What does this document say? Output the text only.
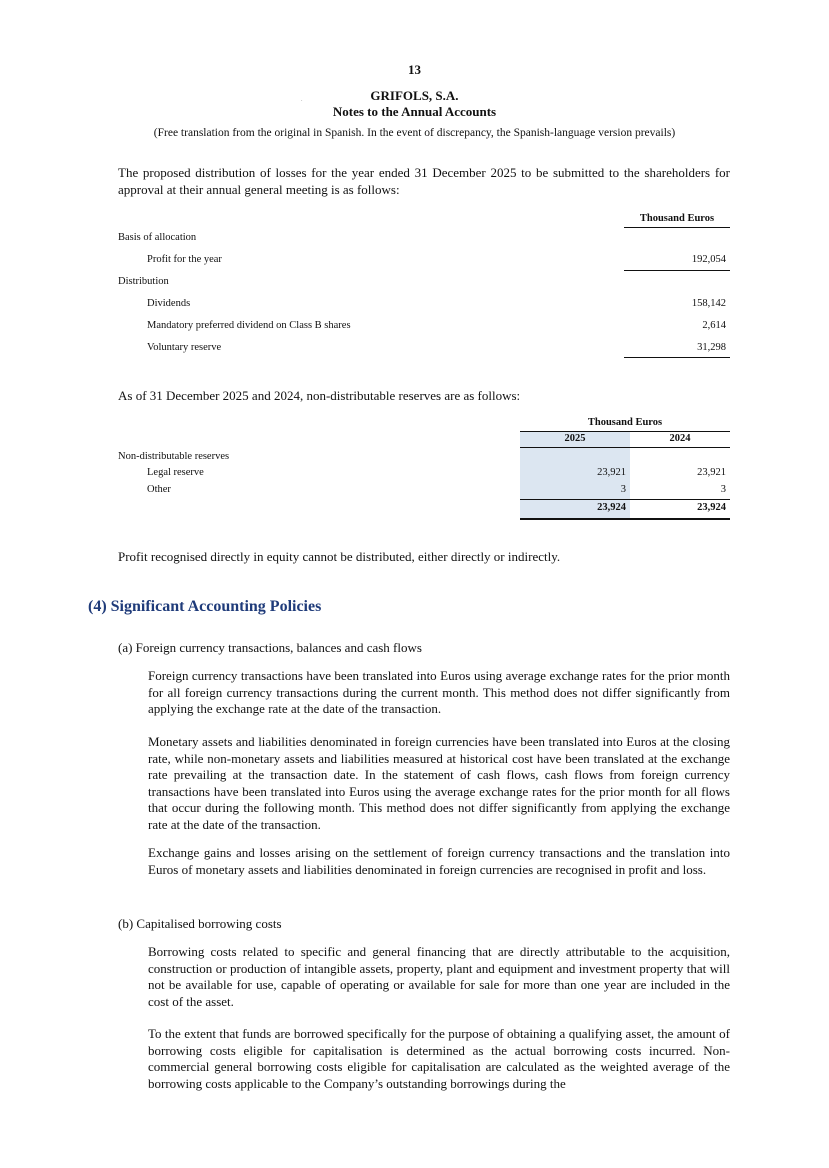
13
.	GRIFOLS, S.A.
Notes to the Annual Accounts
(Free translation from the original in Spanish. In the event of discrepancy, the Spanish-language version prevails)
The proposed distribution of losses for the year ended 31 December 2025 to be submitted to the shareholders for approval at their annual general meeting is as follows:
Thousand Euros
Basis of allocation
Profit for the year	192,054
Distribution
Dividends	158,142
Mandatory preferred dividend on Class B shares	2,614
Voluntary reserve	31,298
As of 31 December 2025 and 2024, non-distributable reserves are as follows:
Thousand Euros
2025	2024
Non-distributable reserves
Legal reserve	23,921	23,921
Other	3	3
23,924	23,924
Profit recognised directly in equity cannot be distributed, either directly or indirectly.
(4) Significant Accounting Policies
(a) Foreign currency transactions, balances and cash flows
Foreign currency transactions have been translated into Euros using average exchange rates for the prior month for all foreign currency transactions during the current month. This method does not differ significantly from applying the exchange rate at the date of the transaction.
Monetary assets and liabilities denominated in foreign currencies have been translated into Euros at the closing rate, while non-monetary assets and liabilities measured at historical cost have been translated at the exchange rate prevailing at the transaction date. In the statement of cash flows, cash flows from foreign currency transactions have been translated into Euros using the average exchange rates for the prior month for all flows that occur during the following month. This method does not differ significantly from applying the exchange rate at the date of the transaction.
Exchange gains and losses arising on the settlement of foreign currency transactions and the translation into Euros of monetary assets and liabilities denominated in foreign currencies are recognised in profit and loss.
(b) Capitalised borrowing costs
Borrowing costs related to specific and general financing that are directly attributable to the acquisition, construction or production of intangible assets, property, plant and equipment and investment property that will not be available for use, capable of operating or available for sale for more than one year are included in the cost of the asset.
To the extent that funds are borrowed specifically for the purpose of obtaining a qualifying asset, the amount of borrowing costs eligible for capitalisation is determined as the actual borrowing costs incurred. Non-commercial general borrowing costs eligible for capitalisation are calculated as the weighted average of the borrowing costs applicable to the Company’s outstanding borrowings during the
